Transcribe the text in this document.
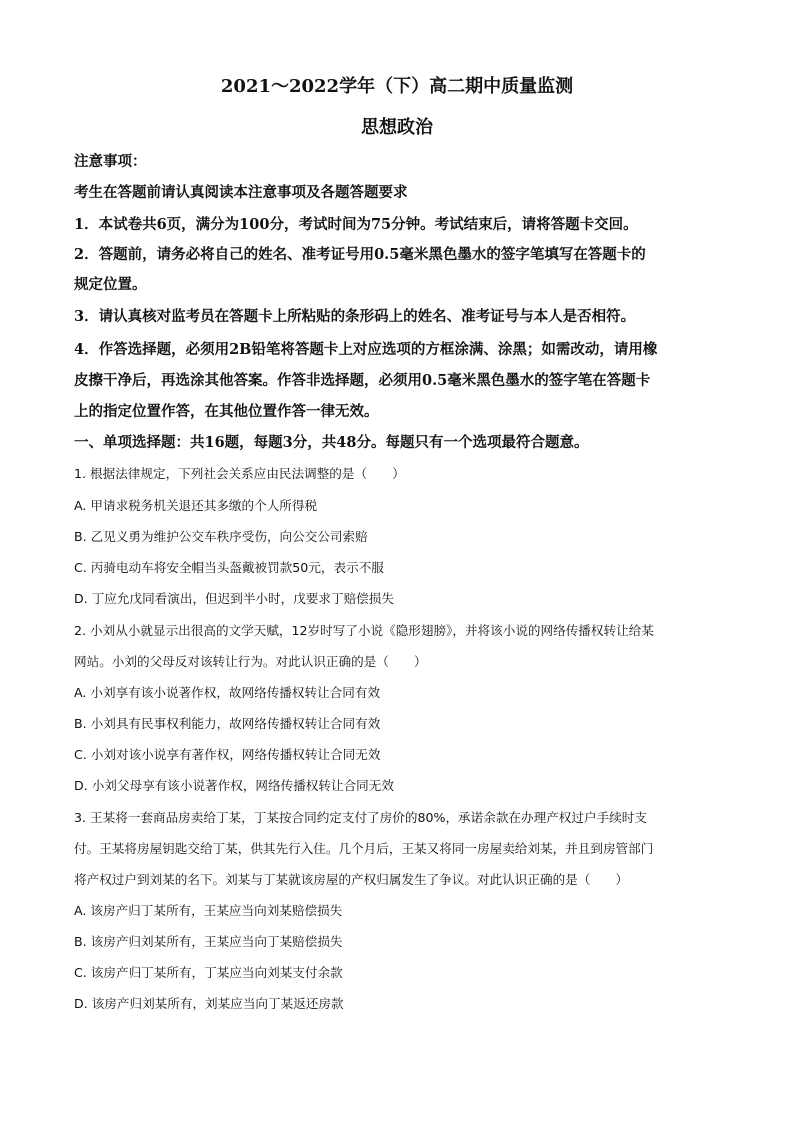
2021～2022学年（下）高二期中质量监测
思想政治
注意事项：
考生在答题前请认真阅读本注意事项及各题答题要求
1．本试卷共6页，满分为100分，考试时间为75分钟。考试结束后，请将答题卡交回。
2．答题前，请务必将自己的姓名、准考证号用0.5毫米黑色墨水的签字笔填写在答题卡的
规定位置。
3．请认真核对监考员在答题卡上所粘贴的条形码上的姓名、准考证号与本人是否相符。
4．作答选择题，必须用2B铅笔将答题卡上对应选项的方框涂满、涂黑；如需改动，请用橡
皮擦干净后，再选涂其他答案。作答非选择题，必须用0.5毫米黑色墨水的签字笔在答题卡
上的指定位置作答，在其他位置作答一律无效。
一、单项选择题：共16题，每题3分，共48分。每题只有一个选项最符合题意。
1. 根据法律规定，下列社会关系应由民法调整的是（　　）
A. 甲请求税务机关退还其多缴的个人所得税
B. 乙见义勇为维护公交车秩序受伤，向公交公司索赔
C. 丙骑电动车将安全帽当头盔戴被罚款50元，表示不服
D. 丁应允戊同看演出，但迟到半小时，戊要求丁赔偿损失
2. 小刘从小就显示出很高的文学天赋，12岁时写了小说《隐形翅膀》，并将该小说的网络传播权转让给某
网站。小刘的父母反对该转让行为。对此认识正确的是（　　）
A. 小刘享有该小说著作权，故网络传播权转让合同有效
B. 小刘具有民事权利能力，故网络传播权转让合同有效
C. 小刘对该小说享有著作权，网络传播权转让合同无效
D. 小刘父母享有该小说著作权，网络传播权转让合同无效
3. 王某将一套商品房卖给丁某，丁某按合同约定支付了房价的80%，承诺余款在办理产权过户手续时支
付。王某将房屋钥匙交给丁某，供其先行入住。几个月后，王某又将同一房屋卖给刘某，并且到房管部门
将产权过户到刘某的名下。刘某与丁某就该房屋的产权归属发生了争议。对此认识正确的是（　　）
A. 该房产归丁某所有，王某应当向刘某赔偿损失
B. 该房产归刘某所有，王某应当向丁某赔偿损失
C. 该房产归丁某所有，丁某应当向刘某支付余款
D. 该房产归刘某所有，刘某应当向丁某返还房款
